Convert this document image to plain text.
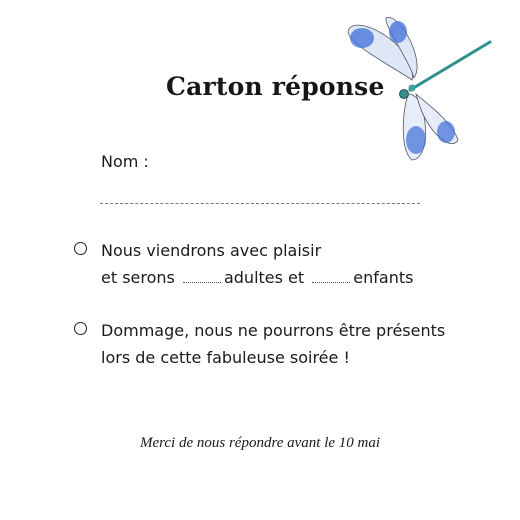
Carton réponse
Nom :
Nous viendrons avec plaisir
et serons	adultes et	enfants
Dommage, nous ne pourrons être présents
lors de cette fabuleuse soirée !
Merci de nous répondre avant le 10 mai
